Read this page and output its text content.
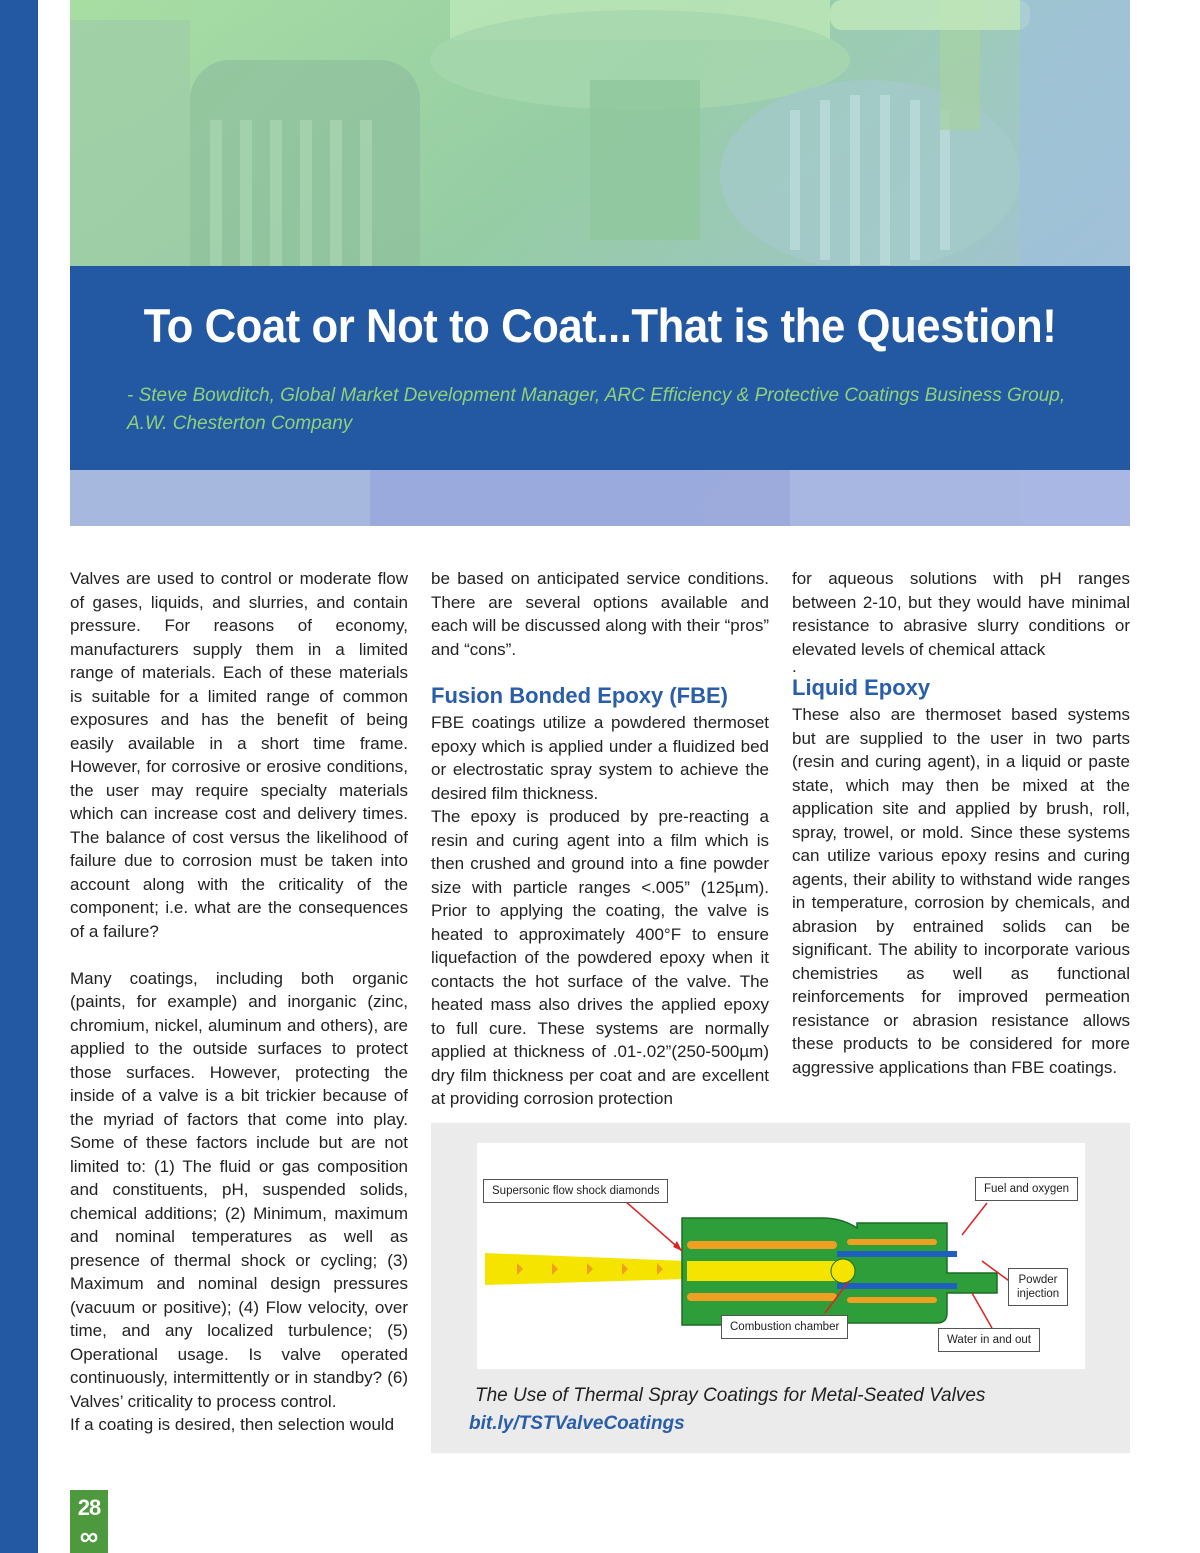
To Coat or Not to Coat...That is the Question!
- Steve Bowditch, Global Market Development Manager, ARC Efficiency & Protective Coatings Business Group,
A.W. Chesterton Company

Valves are used to control or moderate flow of gases, liquids, and slurries, and contain pressure. For reasons of economy, manufacturers supply them in a limited range of materials. Each of these materials is suitable for a limited range of common exposures and has the benefit of being easily available in a short time frame. However, for corrosive or erosive conditions, the user may require specialty materials which can increase cost and delivery times. The balance of cost versus the likelihood of failure due to corrosion must be taken into account along with the criticality of the component; i.e. what are the consequences of a failure?

Many coatings, including both organic (paints, for example) and inorganic (zinc, chromium, nickel, aluminum and others), are applied to the outside surfaces to protect those surfaces. However, protecting the inside of a valve is a bit trickier because of the myriad of factors that come into play. Some of these factors include but are not limited to: (1) The fluid or gas composition and constituents, pH, suspended solids, chemical additions; (2) Minimum, maximum and nominal temperatures as well as presence of thermal shock or cycling; (3) Maximum and nominal design pressures (vacuum or positive); (4) Flow velocity, over time, and any localized turbulence; (5) Operational usage. Is valve operated continuously, intermittently or in standby? (6) Valves’ criticality to process control.

If a coating is desired, then selection would

be based on anticipated service conditions. There are several options available and each will be discussed along with their “pros” and “cons”.

Fusion Bonded Epoxy (FBE)

FBE coatings utilize a powdered thermoset epoxy which is applied under a fluidized bed or electrostatic spray system to achieve the desired film thickness.

The epoxy is produced by pre-reacting a resin and curing agent into a film which is then crushed and ground into a fine powder size with particle ranges <.005” (125µm). Prior to applying the coating, the valve is heated to approximately 400°F to ensure liquefaction of the powdered epoxy when it contacts the hot surface of the valve. The heated mass also drives the applied epoxy to full cure. These systems are normally applied at thickness of .01-.02”(250-500µm) dry film thickness per coat and are excellent at providing corrosion protection

for aqueous solutions with pH ranges between 2-10, but they would have minimal resistance to abrasive slurry conditions or elevated levels of chemical attack

.

Liquid Epoxy

These also are thermoset based systems but are supplied to the user in two parts (resin and curing agent), in a liquid or paste state, which may then be mixed at the application site and applied by brush, roll, spray, trowel, or mold. Since these systems can utilize various epoxy resins and curing agents, their ability to withstand wide ranges in temperature, corrosion by chemicals, and abrasion by entrained solids can be significant. The ability to incorporate various chemistries as well as functional reinforcements for improved permeation resistance or abrasion resistance allows these products to be considered for more aggressive applications than FBE coatings.

Supersonic flow shock diamonds	Fuel and oxygen
Powder injection
Combustion chamber
Water in and out
The Use of Thermal Spray Coatings for Metal-Seated Valves
bit.ly/TSTValveCoatings
28
∞
